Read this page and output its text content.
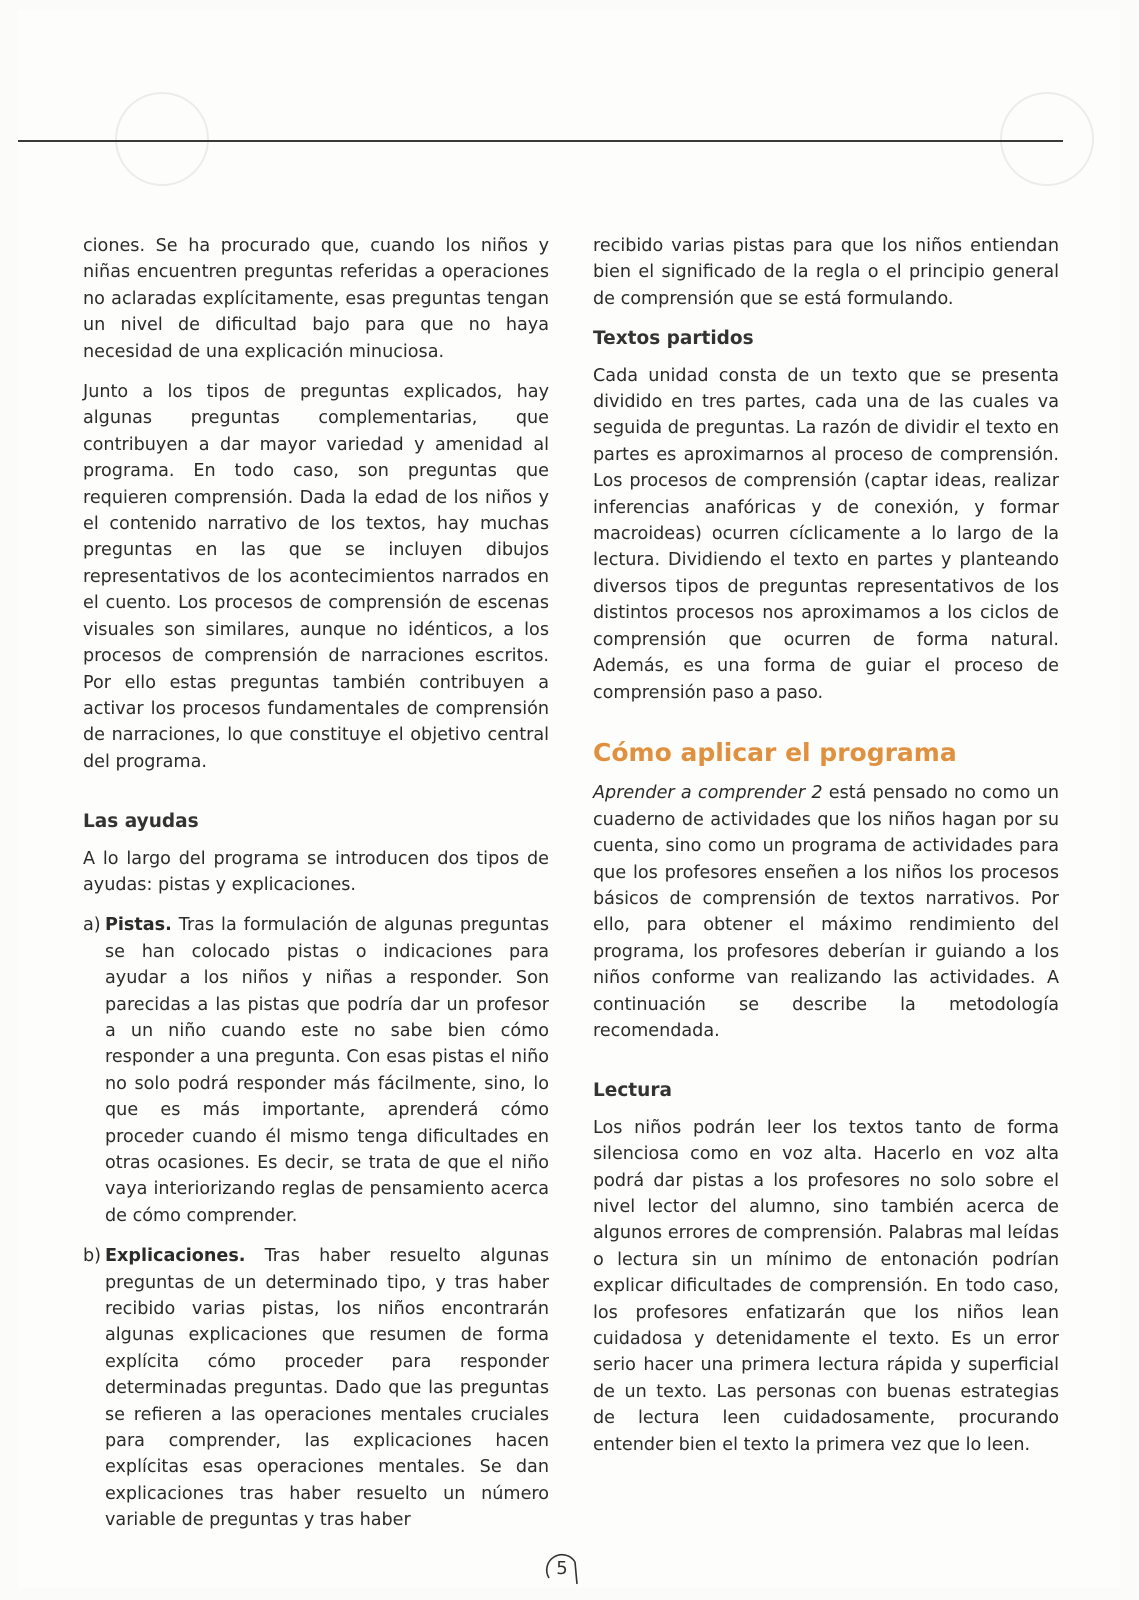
ciones. Se ha procurado que, cuando los niños y niñas encuentren preguntas referidas a operaciones no aclaradas explícitamente, esas preguntas tengan un nivel de dificultad bajo para que no haya necesidad de una explicación minuciosa.

Junto a los tipos de preguntas explicados, hay algunas preguntas complementarias, que contribuyen a dar mayor variedad y amenidad al programa. En todo caso, son preguntas que requieren comprensión. Dada la edad de los niños y el contenido narrativo de los textos, hay muchas preguntas en las que se incluyen dibujos representativos de los acontecimientos narrados en el cuento. Los procesos de comprensión de escenas visuales son similares, aunque no idénticos, a los procesos de comprensión de narraciones escritos. Por ello estas preguntas también contribuyen a activar los procesos fundamentales de comprensión de narraciones, lo que constituye el objetivo central del programa.

Las ayudas

A lo largo del programa se introducen dos tipos de ayudas: pistas y explicaciones.

a) Pistas. Tras la formulación de algunas preguntas se han colocado pistas o indicaciones para ayudar a los niños y niñas a responder. Son parecidas a las pistas que podría dar un profesor a un niño cuando este no sabe bien cómo responder a una pregunta. Con esas pistas el niño no solo podrá responder más fácilmente, sino, lo que es más importante, aprenderá cómo proceder cuando él mismo tenga dificultades en otras ocasiones. Es decir, se trata de que el niño vaya interiorizando reglas de pensamiento acerca de cómo comprender.
b) Explicaciones. Tras haber resuelto algunas preguntas de un determinado tipo, y tras haber recibido varias pistas, los niños encontrarán algunas explicaciones que resumen de forma explícita cómo proceder para responder determinadas preguntas. Dado que las preguntas se refieren a las operaciones mentales cruciales para comprender, las explicaciones hacen explícitas esas operaciones mentales. Se dan explicaciones tras haber resuelto un número variable de preguntas y tras haber

recibido varias pistas para que los niños entiendan bien el significado de la regla o el principio general de comprensión que se está formulando.

Textos partidos

Cada unidad consta de un texto que se presenta dividido en tres partes, cada una de las cuales va seguida de preguntas. La razón de dividir el texto en partes es aproximarnos al proceso de comprensión. Los procesos de comprensión (captar ideas, realizar inferencias anafóricas y de conexión, y formar macroideas) ocurren cíclicamente a lo largo de la lectura. Dividiendo el texto en partes y planteando diversos tipos de preguntas representativos de los distintos procesos nos aproximamos a los ciclos de comprensión que ocurren de forma natural. Además, es una forma de guiar el proceso de comprensión paso a paso.

Cómo aplicar el programa

Aprender a comprender 2 está pensado no como un cuaderno de actividades que los niños hagan por su cuenta, sino como un programa de actividades para que los profesores enseñen a los niños los procesos básicos de comprensión de textos narrativos. Por ello, para obtener el máximo rendimiento del programa, los profesores deberían ir guiando a los niños conforme van realizando las actividades. A continuación se describe la metodología recomendada.

Lectura

Los niños podrán leer los textos tanto de forma silenciosa como en voz alta. Hacerlo en voz alta podrá dar pistas a los profesores no solo sobre el nivel lector del alumno, sino también acerca de algunos errores de comprensión. Palabras mal leídas o lectura sin un mínimo de entonación podrían explicar dificultades de comprensión. En todo caso, los profesores enfatizarán que los niños lean cuidadosa y detenidamente el texto. Es un error serio hacer una primera lectura rápida y superficial de un texto. Las personas con buenas estrategias de lectura leen cuidadosamente, procurando entender bien el texto la primera vez que lo leen.

5
